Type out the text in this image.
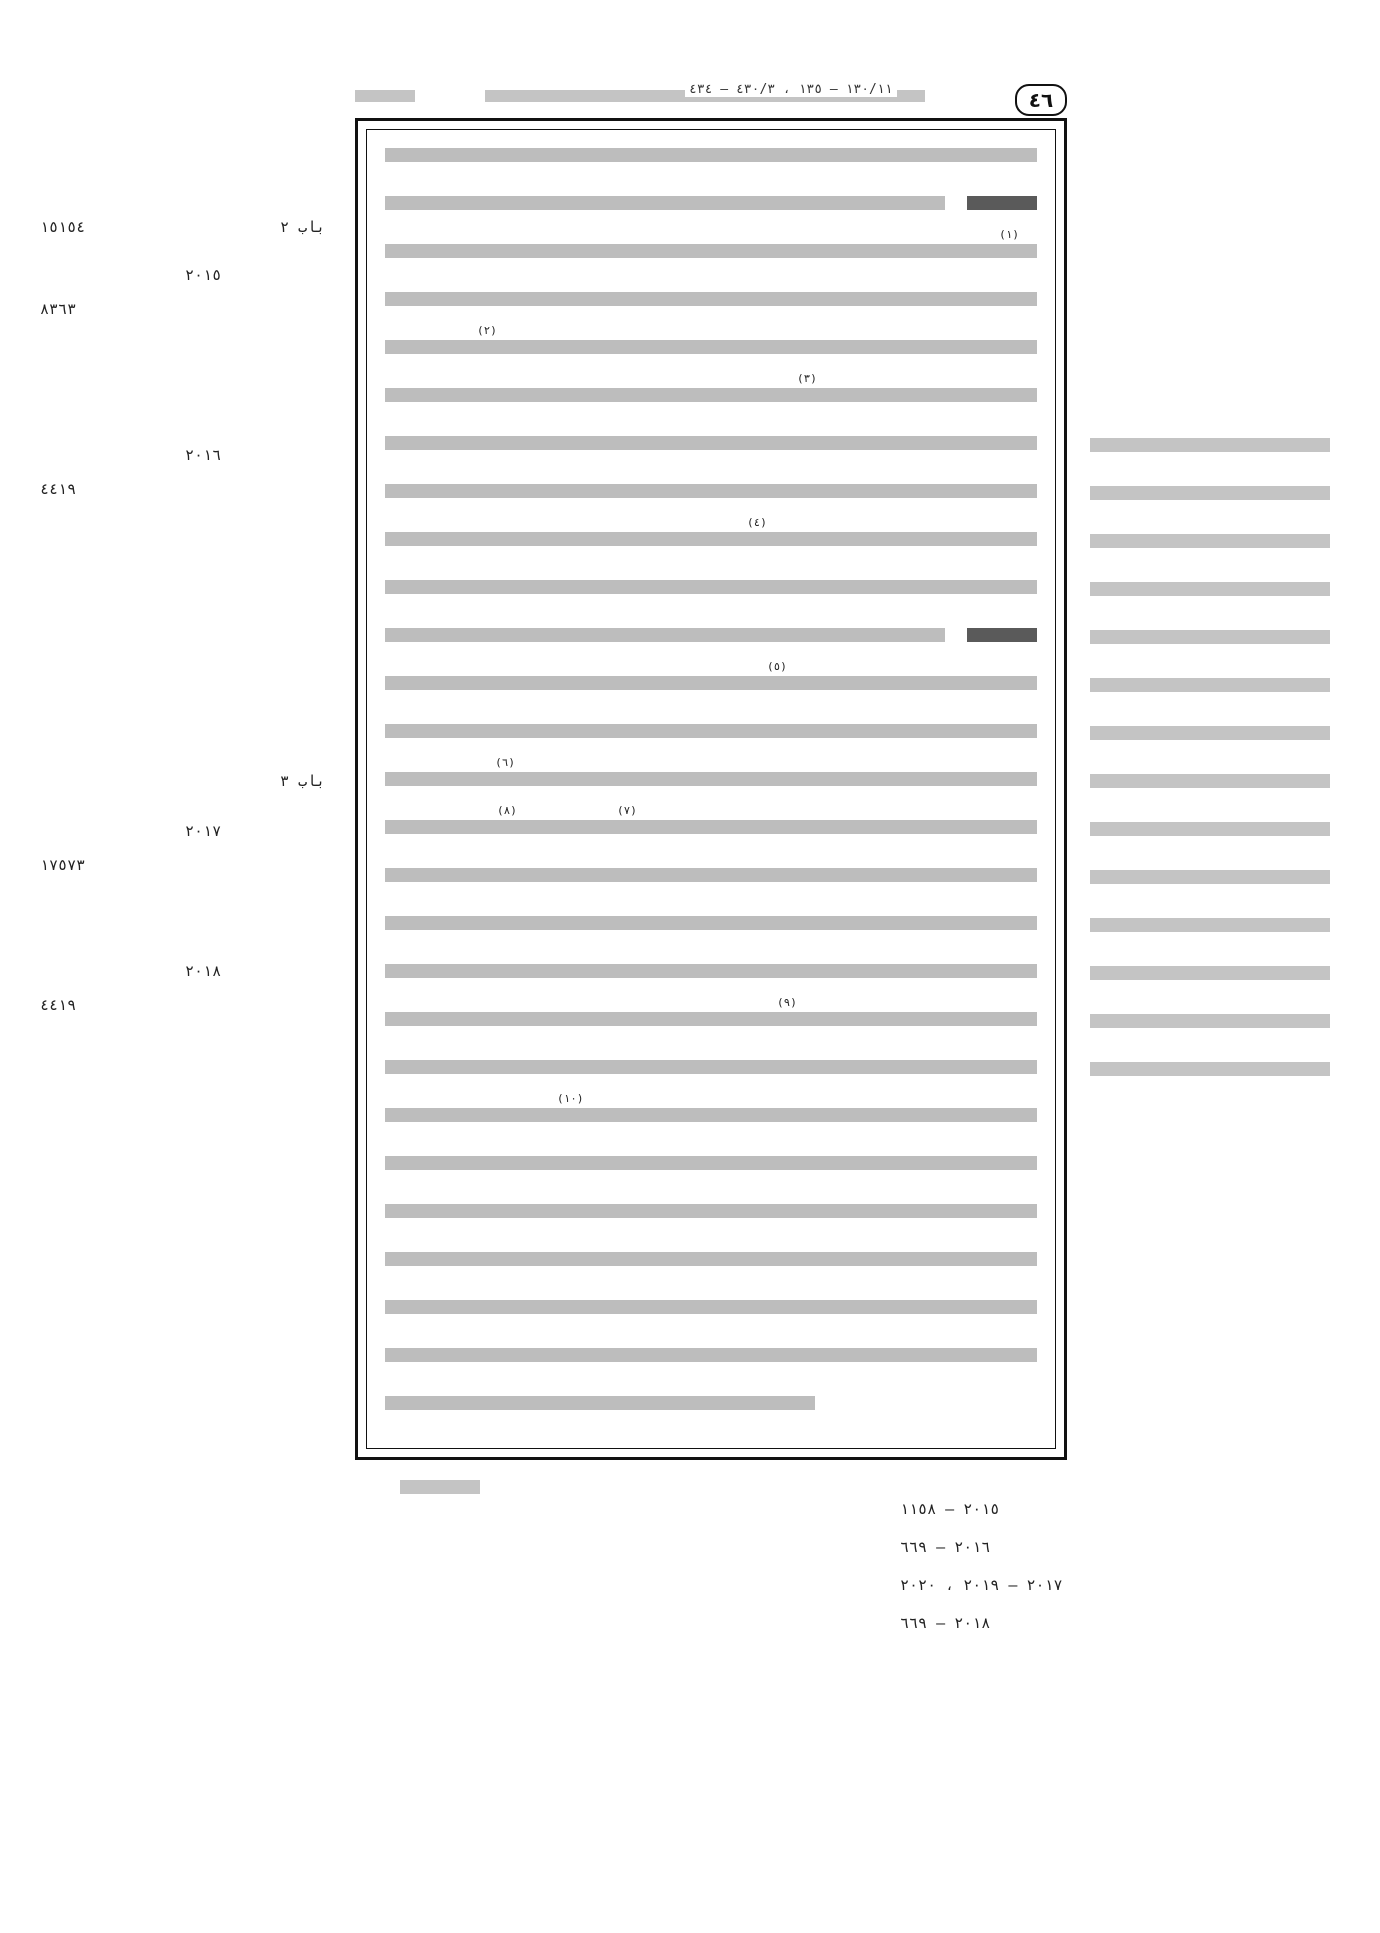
٤٦
١٣٠/١١ – ١٣٥ ، ٤٣٠/٣ – ٤٣٤
(١)
(٢)
(٣)
(٤)
(٥)
(٦)
(٧)
(٨)
(٩)
(١٠)
١٥١٥٤	باب ٢
٢٠١٥
٨٣٦٣
٢٠١٦
٤٤١٩
باب ٣
٢٠١٧
١٧٥٧٣
٢٠١٨
٤٤١٩
٢٠١٥ – ١١٥٨
٢٠١٦ – ٦٦٩
٢٠١٧ – ٢٠١٩ ، ٢٠٢٠
٢٠١٨ – ٦٦٩
